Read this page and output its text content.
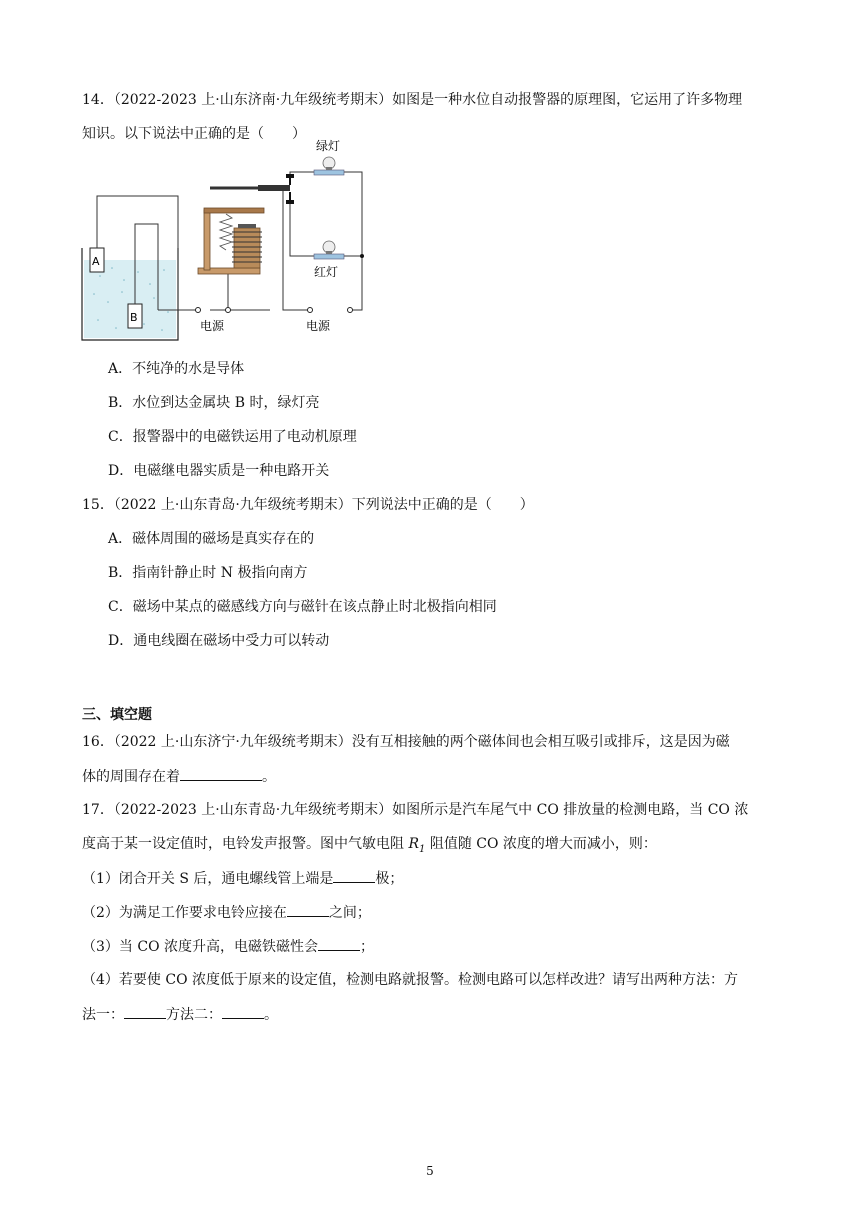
14．（2022-2023 上·山东济南·九年级统考期末）如图是一种水位自动报警器的原理图，它运用了许多物理
知识。以下说法中正确的是（　　）
A
B
绿灯
红灯
电源	电源
A．不纯净的水是导体
B．水位到达金属块 B 时，绿灯亮
C．报警器中的电磁铁运用了电动机原理
D．电磁继电器实质是一种电路开关
15．（2022 上·山东青岛·九年级统考期末）下列说法中正确的是（　　）
A．磁体周围的磁场是真实存在的
B．指南针静止时 N 极指向南方
C．磁场中某点的磁感线方向与磁针在该点静止时北极指向相同
D．通电线圈在磁场中受力可以转动
三、填空题
16．（2022 上·山东济宁·九年级统考期末）没有互相接触的两个磁体间也会相互吸引或排斥，这是因为磁
体的周围存在着	。
17．（2022-2023 上·山东青岛·九年级统考期末）如图所示是汽车尾气中 CO 排放量的检测电路，当 CO 浓
度高于某一设定值时，电铃发声报警。图中气敏电阻 $R_1$ 阻值随 CO 浓度的增大而减小，则：
（1）闭合开关 S 后，通电螺线管上端是	极；
（2）为满足工作要求电铃应接在	之间；
（3）当 CO 浓度升高，电磁铁磁性会	；
（4）若要使 CO 浓度低于原来的设定值，检测电路就报警。检测电路可以怎样改进？请写出两种方法：方
法一：	方法二：	。
5
